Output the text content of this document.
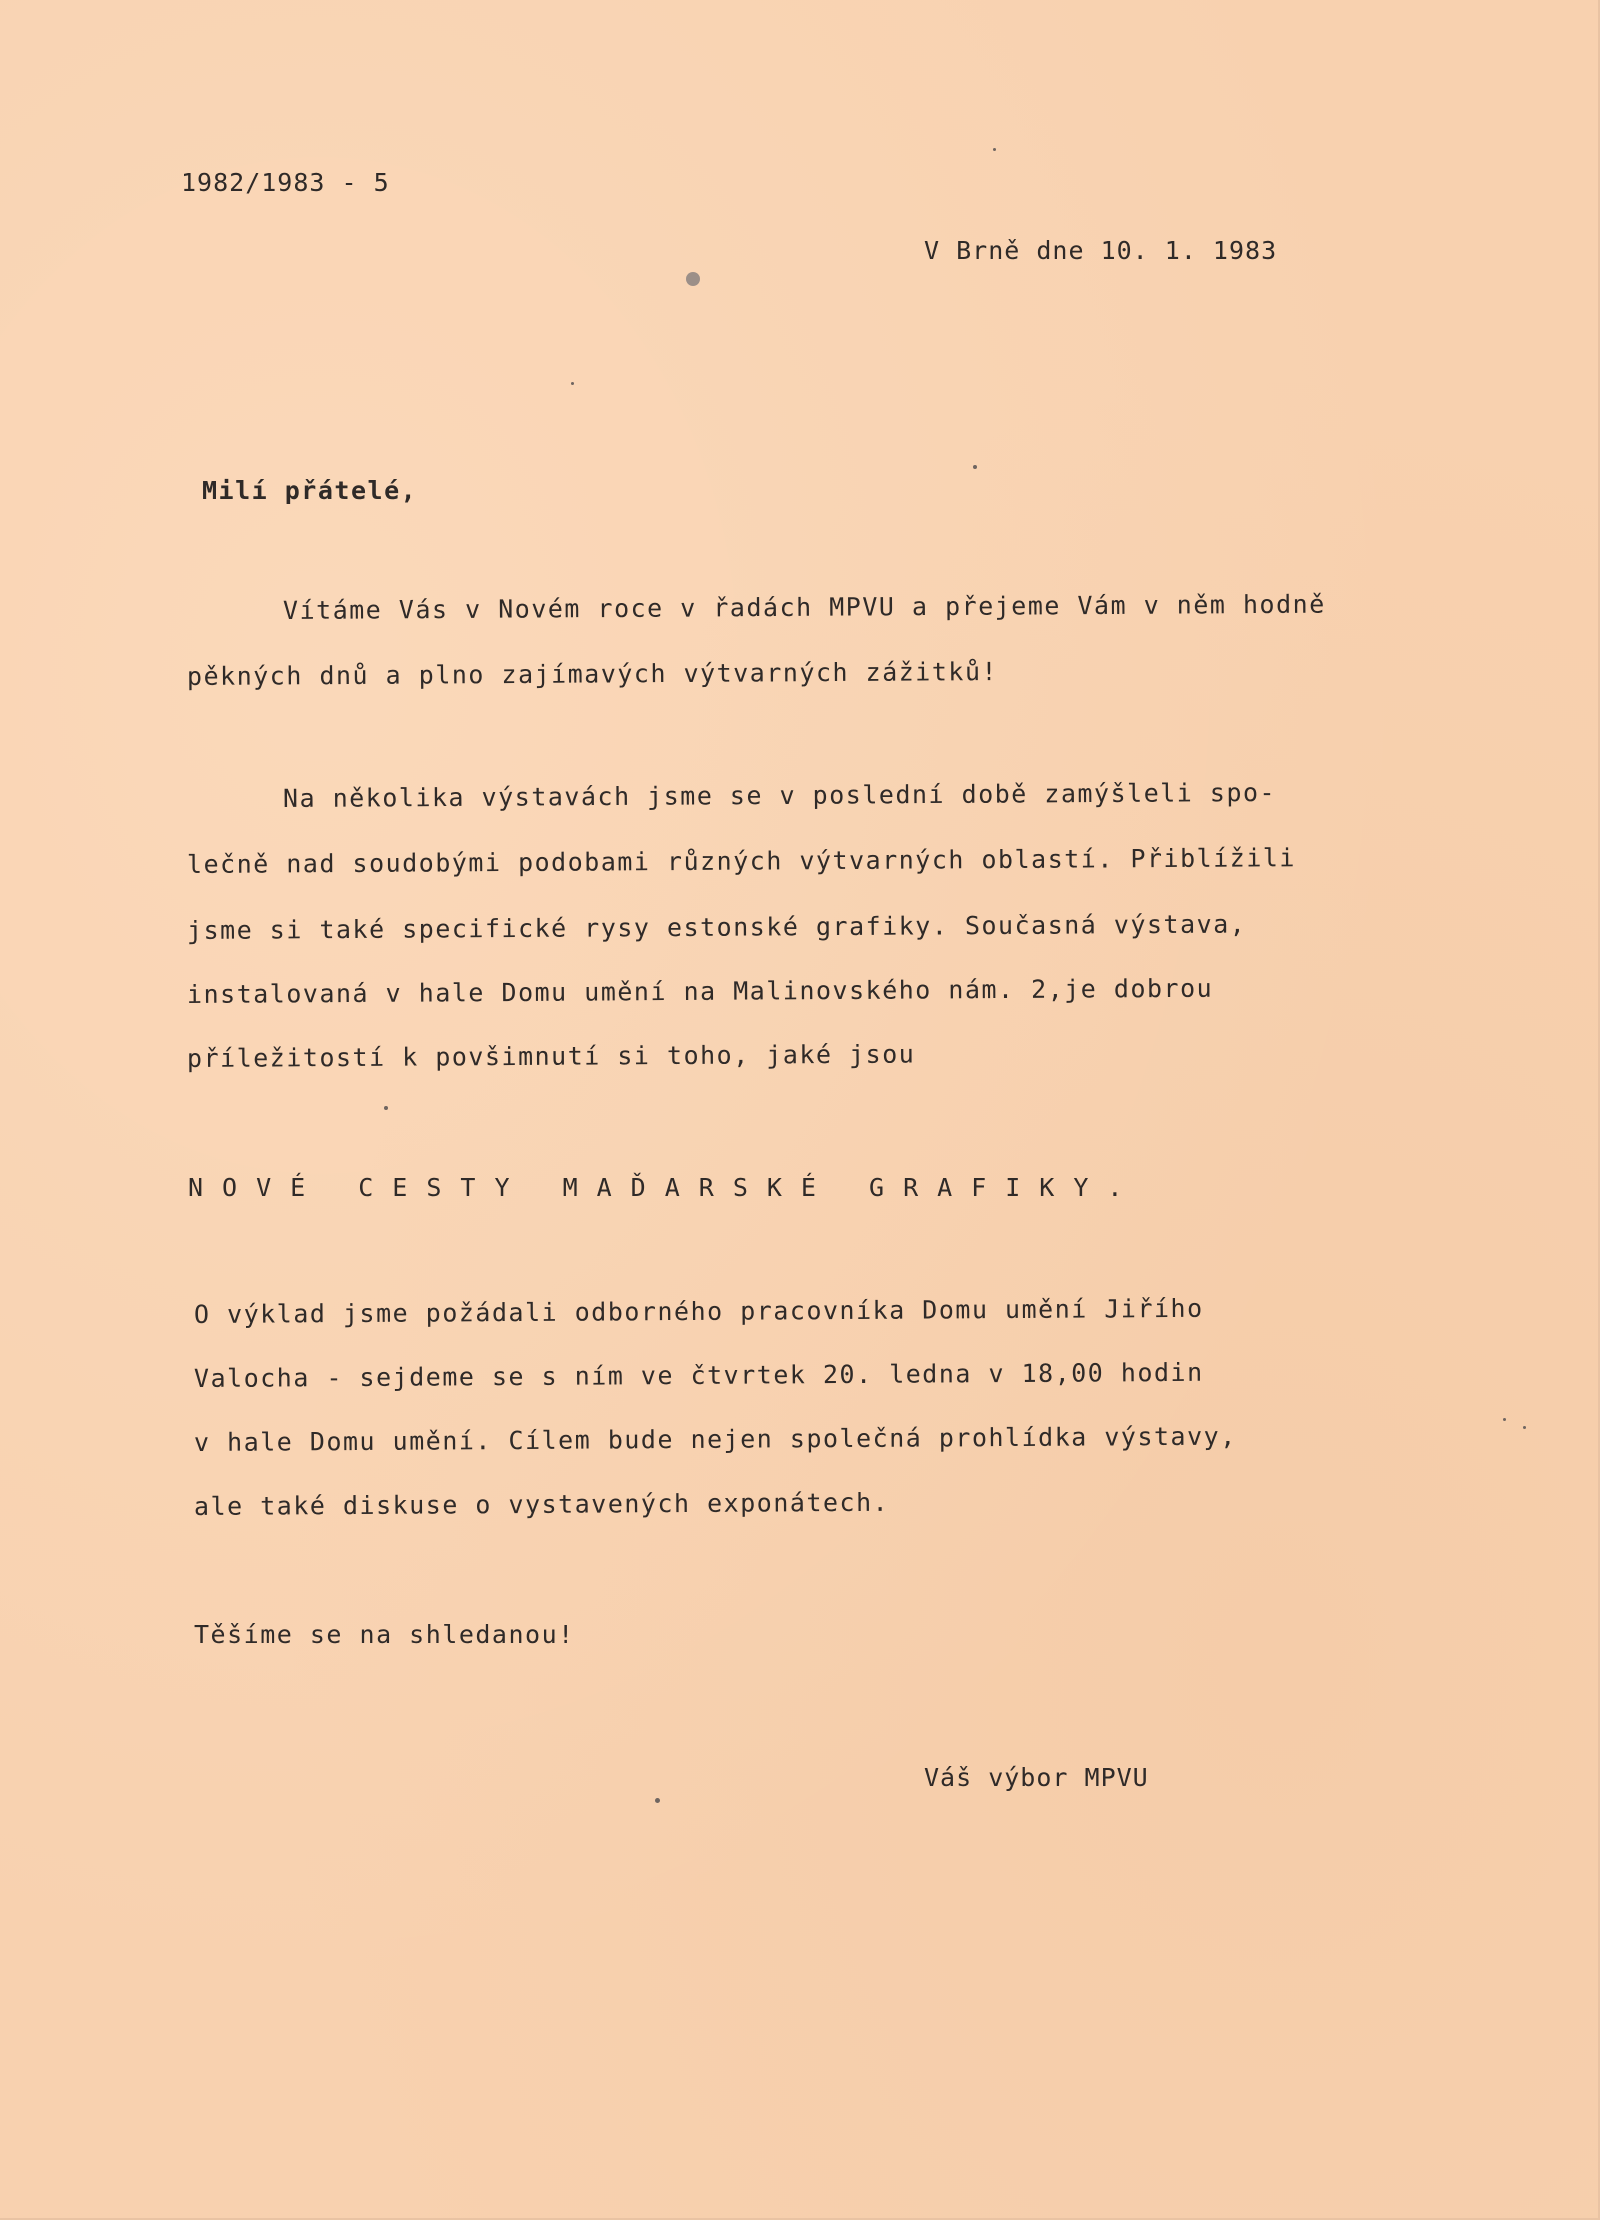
1982/1983 - 5
V Brně dne 10. 1. 1983
Milí přátelé,
Vítáme Vás v Novém roce v řadách MPVU a přejeme Vám v něm hodně
pěkných dnů a plno zajímavých výtvarných zážitků!
Na několika výstavách jsme se v poslední době zamýšleli spo-
lečně nad soudobými podobami různých výtvarných oblastí. Přiblížili
jsme si také specifické rysy estonské grafiky. Současná výstava,
instalovaná v hale Domu umění na Malinovského nám. 2,je dobrou
příležitostí k povšimnutí si toho, jaké jsou
NOVÉ CESTY MAĎARSKÉ GRAFIKY.
O výklad jsme požádali odborného pracovníka Domu umění Jiřího
Valocha - sejdeme se s ním ve čtvrtek 20. ledna v 18,00 hodin
v hale Domu umění. Cílem bude nejen společná prohlídka výstavy,
ale také diskuse o vystavených exponátech.
Těšíme se na shledanou!
Váš výbor MPVU
